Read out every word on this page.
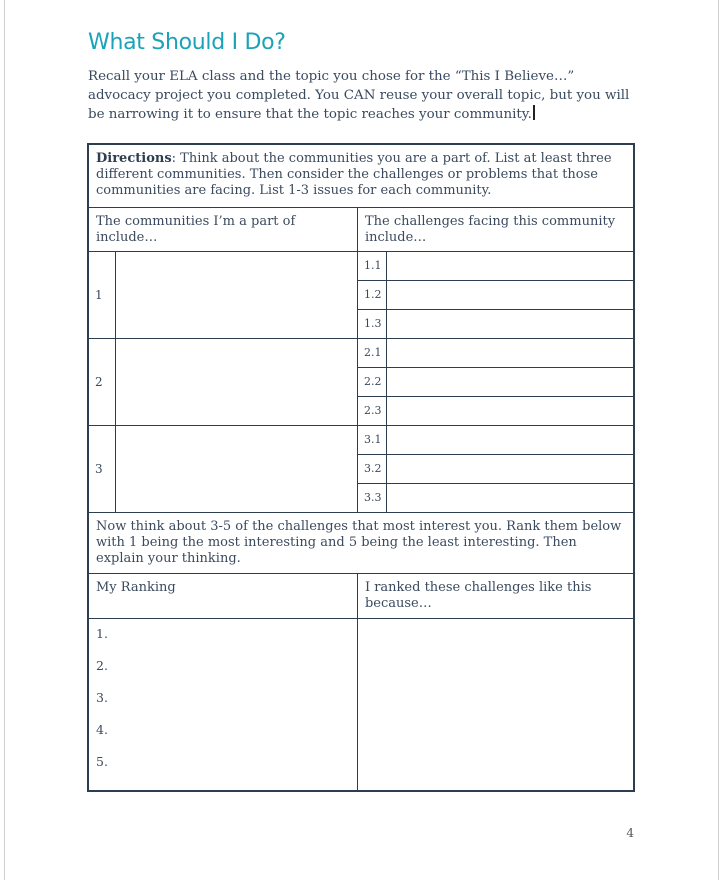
What Should I Do?

Recall your ELA class and the topic you chose for the “This I Believe…” advocacy project you completed. You CAN reuse your overall topic, but you will be narrowing it to ensure that the topic reaches your community.

Directions: Think about the communities you are a part of. List at least three different communities. Then consider the challenges or problems that those communities are facing. List 1-3 issues for each community.			

The communities I’m a part of include…		The challenges facing this community include…	

1		1.1	
		1.2	
		1.3	
2		2.1	
		2.2	
		2.3	
3		3.1	
		3.2	
		3.3	

Now think about 3-5 of the challenges that most interest you. Rank them below with 1 being the most interesting and 5 being the least interesting. Then explain your thinking.			

My Ranking		I ranked these challenges like this because…	

1.
2.
3.
4.
5.			

4
